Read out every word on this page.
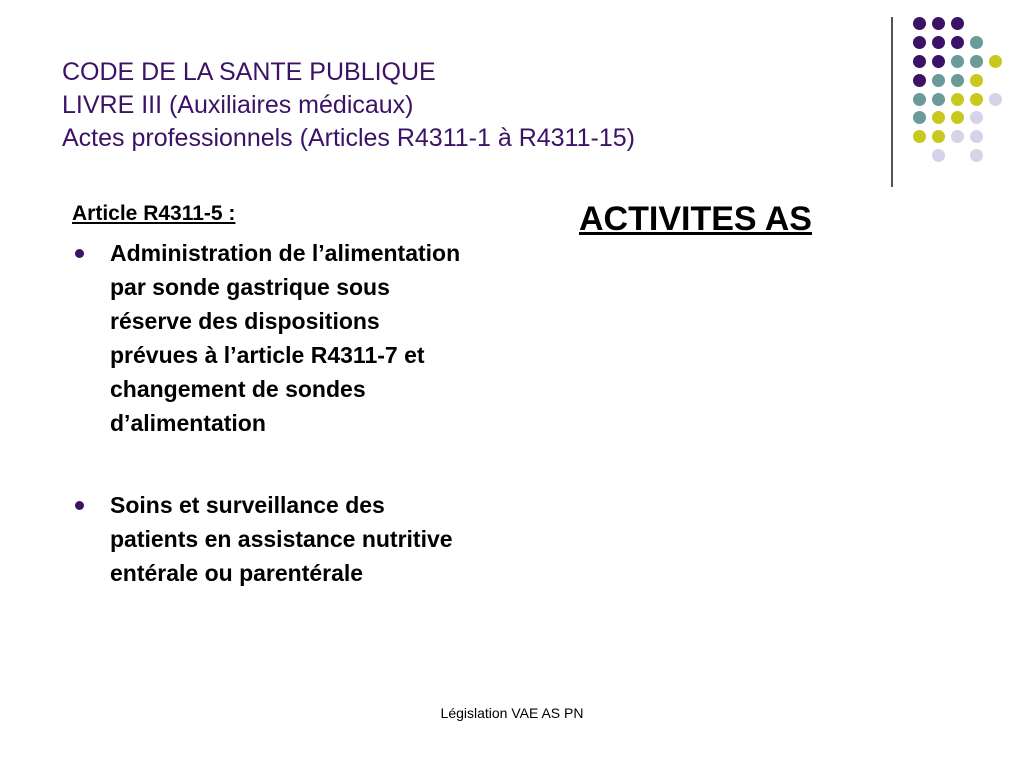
CODE DE LA SANTE PUBLIQUE
LIVRE III (Auxiliaires médicaux)
Actes professionnels (Articles R4311-1 à R4311-15)
Article R4311-5 :
Administration de l’alimentation
par sonde gastrique sous
réserve des dispositions
prévues à l’article R4311-7 et
changement de sondes
d’alimentation
Soins et surveillance des
patients en assistance nutritive
entérale ou parentérale
ACTIVITES AS
Législation VAE AS PN
